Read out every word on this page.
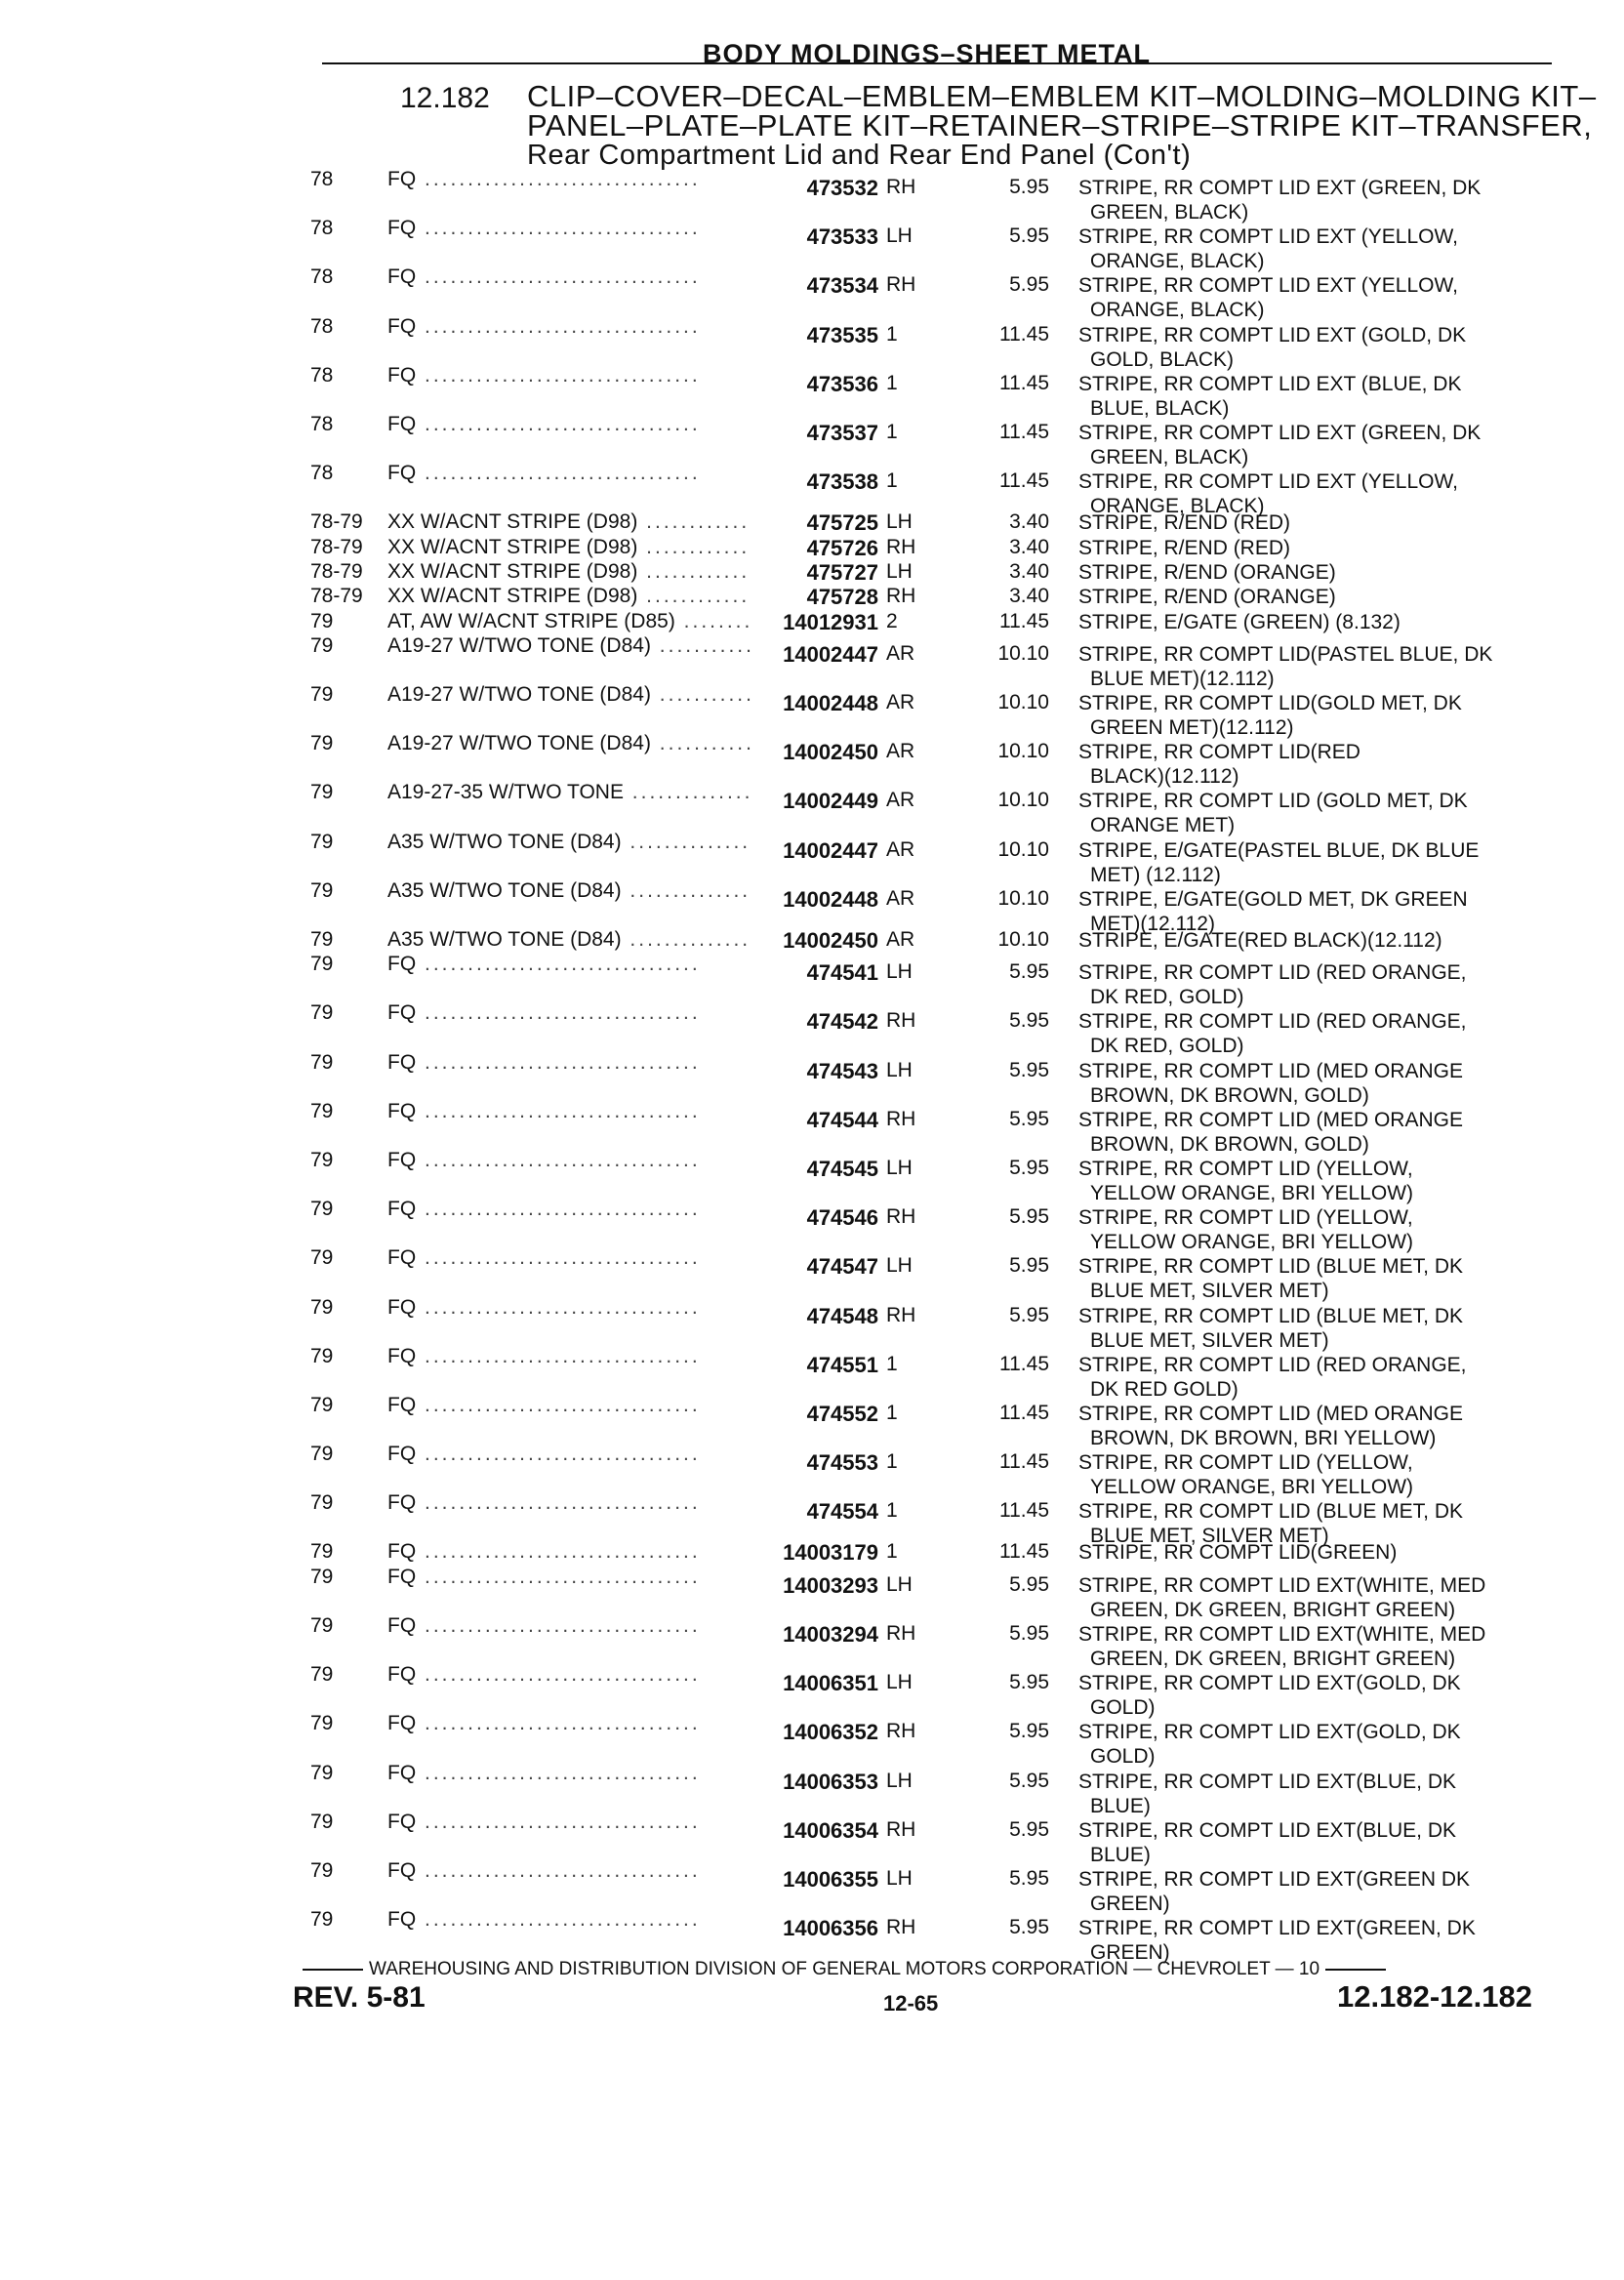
BODY MOLDINGS–SHEET METAL
12.182 CLIP–COVER–DECAL–EMBLEM–EMBLEM KIT–MOLDING–MOLDING KIT–
PANEL–PLATE–PLATE KIT–RETAINER–STRIPE–STRIPE KIT–TRANSFER,
Rear Compartment Lid and Rear End Panel (Con't)
78	FQ ................................	473532 RH	5.95 STRIPE, RR COMPT LID EXT (GREEN, DK
GREEN, BLACK)
78	FQ ................................	473533 LH	5.95 STRIPE, RR COMPT LID EXT (YELLOW,
ORANGE, BLACK)
78	FQ ................................	473534 RH	5.95 STRIPE, RR COMPT LID EXT (YELLOW,
ORANGE, BLACK)
78	FQ ................................	473535 1	11.45 STRIPE, RR COMPT LID EXT (GOLD, DK
GOLD, BLACK)
78	FQ ................................	473536 1	11.45 STRIPE, RR COMPT LID EXT (BLUE, DK
BLUE, BLACK)
78	FQ ................................	473537 1	11.45 STRIPE, RR COMPT LID EXT (GREEN, DK
GREEN, BLACK)
78	FQ ................................	473538 1	11.45 STRIPE, RR COMPT LID EXT (YELLOW,
ORANGE, BLACK)
78-79 XX W/ACNT STRIPE (D98) ............	475725 LH	3.40 STRIPE, R/END (RED)
78-79 XX W/ACNT STRIPE (D98) ............	475726 RH	3.40 STRIPE, R/END (RED)
78-79 XX W/ACNT STRIPE (D98) ............	475727 LH	3.40 STRIPE, R/END (ORANGE)
78-79 XX W/ACNT STRIPE (D98) ............	475728 RH	3.40 STRIPE, R/END (ORANGE)
79	AT, AW W/ACNT STRIPE (D85) ........	14012931 2	11.45 STRIPE, E/GATE (GREEN) (8.132)
79	A19-27 W/TWO TONE (D84) ...........	14002447 AR	10.10 STRIPE, RR COMPT LID(PASTEL BLUE, DK
BLUE MET)(12.112)
79	A19-27 W/TWO TONE (D84) ...........	14002448 AR	10.10 STRIPE, RR COMPT LID(GOLD MET, DK
GREEN MET)(12.112)
79	A19-27 W/TWO TONE (D84) ...........	14002450 AR	10.10 STRIPE, RR COMPT LID(RED
BLACK)(12.112)
79	A19-27-35 W/TWO TONE ..............	14002449 AR	10.10 STRIPE, RR COMPT LID (GOLD MET, DK
ORANGE MET)
79	A35 W/TWO TONE (D84) ..............	14002447 AR	10.10 STRIPE, E/GATE(PASTEL BLUE, DK BLUE
MET) (12.112)
79	A35 W/TWO TONE (D84) ..............	14002448 AR	10.10 STRIPE, E/GATE(GOLD MET, DK GREEN
MET)(12.112)
79	A35 W/TWO TONE (D84) ..............	14002450 AR	10.10 STRIPE, E/GATE(RED BLACK)(12.112)
79	FQ ................................	474541 LH	5.95 STRIPE, RR COMPT LID (RED ORANGE,
DK RED, GOLD)
79	FQ ................................	474542 RH	5.95 STRIPE, RR COMPT LID (RED ORANGE,
DK RED, GOLD)
79	FQ ................................	474543 LH	5.95 STRIPE, RR COMPT LID (MED ORANGE
BROWN, DK BROWN, GOLD)
79	FQ ................................	474544 RH	5.95 STRIPE, RR COMPT LID (MED ORANGE
BROWN, DK BROWN, GOLD)
79	FQ ................................	474545 LH	5.95 STRIPE, RR COMPT LID (YELLOW,
YELLOW ORANGE, BRI YELLOW)
79	FQ ................................	474546 RH	5.95 STRIPE, RR COMPT LID (YELLOW,
YELLOW ORANGE, BRI YELLOW)
79	FQ ................................	474547 LH	5.95 STRIPE, RR COMPT LID (BLUE MET, DK
BLUE MET, SILVER MET)
79	FQ ................................	474548 RH	5.95 STRIPE, RR COMPT LID (BLUE MET, DK
BLUE MET, SILVER MET)
79	FQ ................................	474551 1	11.45 STRIPE, RR COMPT LID (RED ORANGE,
DK RED GOLD)
79	FQ ................................	474552 1	11.45 STRIPE, RR COMPT LID (MED ORANGE
BROWN, DK BROWN, BRI YELLOW)
79	FQ ................................	474553 1	11.45 STRIPE, RR COMPT LID (YELLOW,
YELLOW ORANGE, BRI YELLOW)
79	FQ ................................	474554 1	11.45 STRIPE, RR COMPT LID (BLUE MET, DK
BLUE MET, SILVER MET)
79	FQ ................................	14003179 1	11.45 STRIPE, RR COMPT LID(GREEN)
79	FQ ................................	14003293 LH	5.95 STRIPE, RR COMPT LID EXT(WHITE, MED
GREEN, DK GREEN, BRIGHT GREEN)
79	FQ ................................	14003294 RH	5.95 STRIPE, RR COMPT LID EXT(WHITE, MED
GREEN, DK GREEN, BRIGHT GREEN)
79	FQ ................................	14006351 LH	5.95 STRIPE, RR COMPT LID EXT(GOLD, DK
GOLD)
79	FQ ................................	14006352 RH	5.95 STRIPE, RR COMPT LID EXT(GOLD, DK
GOLD)
79	FQ ................................	14006353 LH	5.95 STRIPE, RR COMPT LID EXT(BLUE, DK
BLUE)
79	FQ ................................	14006354 RH	5.95 STRIPE, RR COMPT LID EXT(BLUE, DK
BLUE)
79	FQ ................................	14006355 LH	5.95 STRIPE, RR COMPT LID EXT(GREEN DK
GREEN)
79	FQ ................................	14006356 RH	5.95 STRIPE, RR COMPT LID EXT(GREEN, DK
GREEN)
WAREHOUSING AND DISTRIBUTION DIVISION OF GENERAL MOTORS CORPORATION — CHEVROLET — 10
REV. 5-81	12-65	12.182-12.182
